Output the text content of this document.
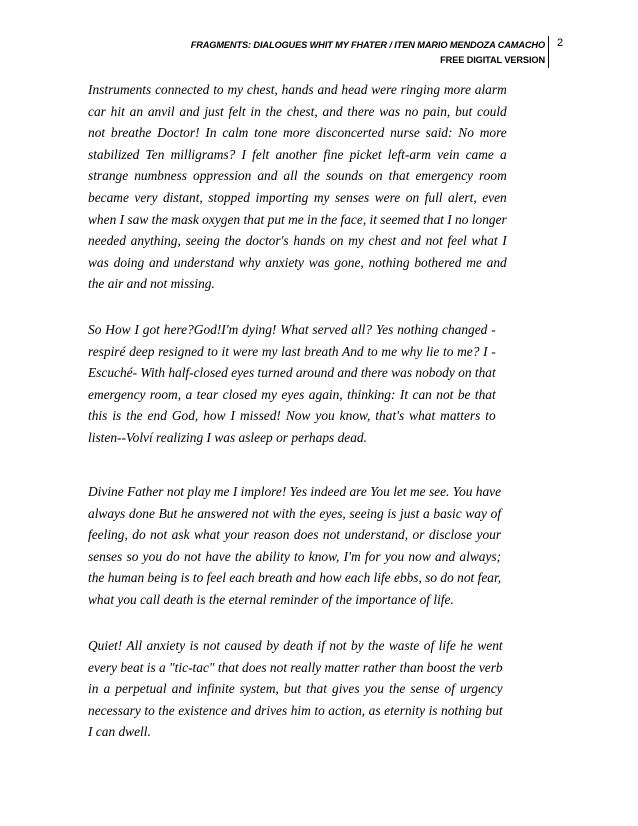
FRAGMENTS: DIALOGUES WHIT MY FHATER / ITEN MARIO MENDOZA CAMACHO
FREE DIGITAL VERSION
2

Instruments connected to my chest, hands and head were ringing more alarm
car hit an anvil and just felt in the chest, and there was no pain, but could
not breathe Doctor! In calm tone more disconcerted nurse said: No more
stabilized Ten milligrams? I felt another fine picket left-arm vein came a
strange numbness oppression and all the sounds on that emergency room
became very distant, stopped importing my senses were on full alert, even
when I saw the mask oxygen that put me in the face, it seemed that I no longer
needed anything, seeing the doctor's hands on my chest and not feel what I
was doing and understand why anxiety was gone, nothing bothered me and
the air and not missing.

So How I got here?God!I'm dying! What served all? Yes nothing changed -
respiré deep resigned to it were my last breath And to me why lie to me? I -
Escuché- With half-closed eyes turned around and there was nobody on that
emergency room, a tear closed my eyes again, thinking: It can not be that
this is the end God, how I missed! Now you know, that's what matters to
listen--Volví realizing I was asleep or perhaps dead.

Divine Father not play me I implore! Yes indeed are You let me see. You have
always done But he answered not with the eyes, seeing is just a basic way of
feeling, do not ask what your reason does not understand, or disclose your
senses so you do not have the ability to know, I'm for you now and always;
the human being is to feel each breath and how each life ebbs, so do not fear,
what you call death is the eternal reminder of the importance of life.

Quiet! All anxiety is not caused by death if not by the waste of life he went
every beat is a "tic-tac" that does not really matter rather than boost the verb
in a perpetual and infinite system, but that gives you the sense of urgency
necessary to the existence and drives him to action, as eternity is nothing but
I can dwell.
